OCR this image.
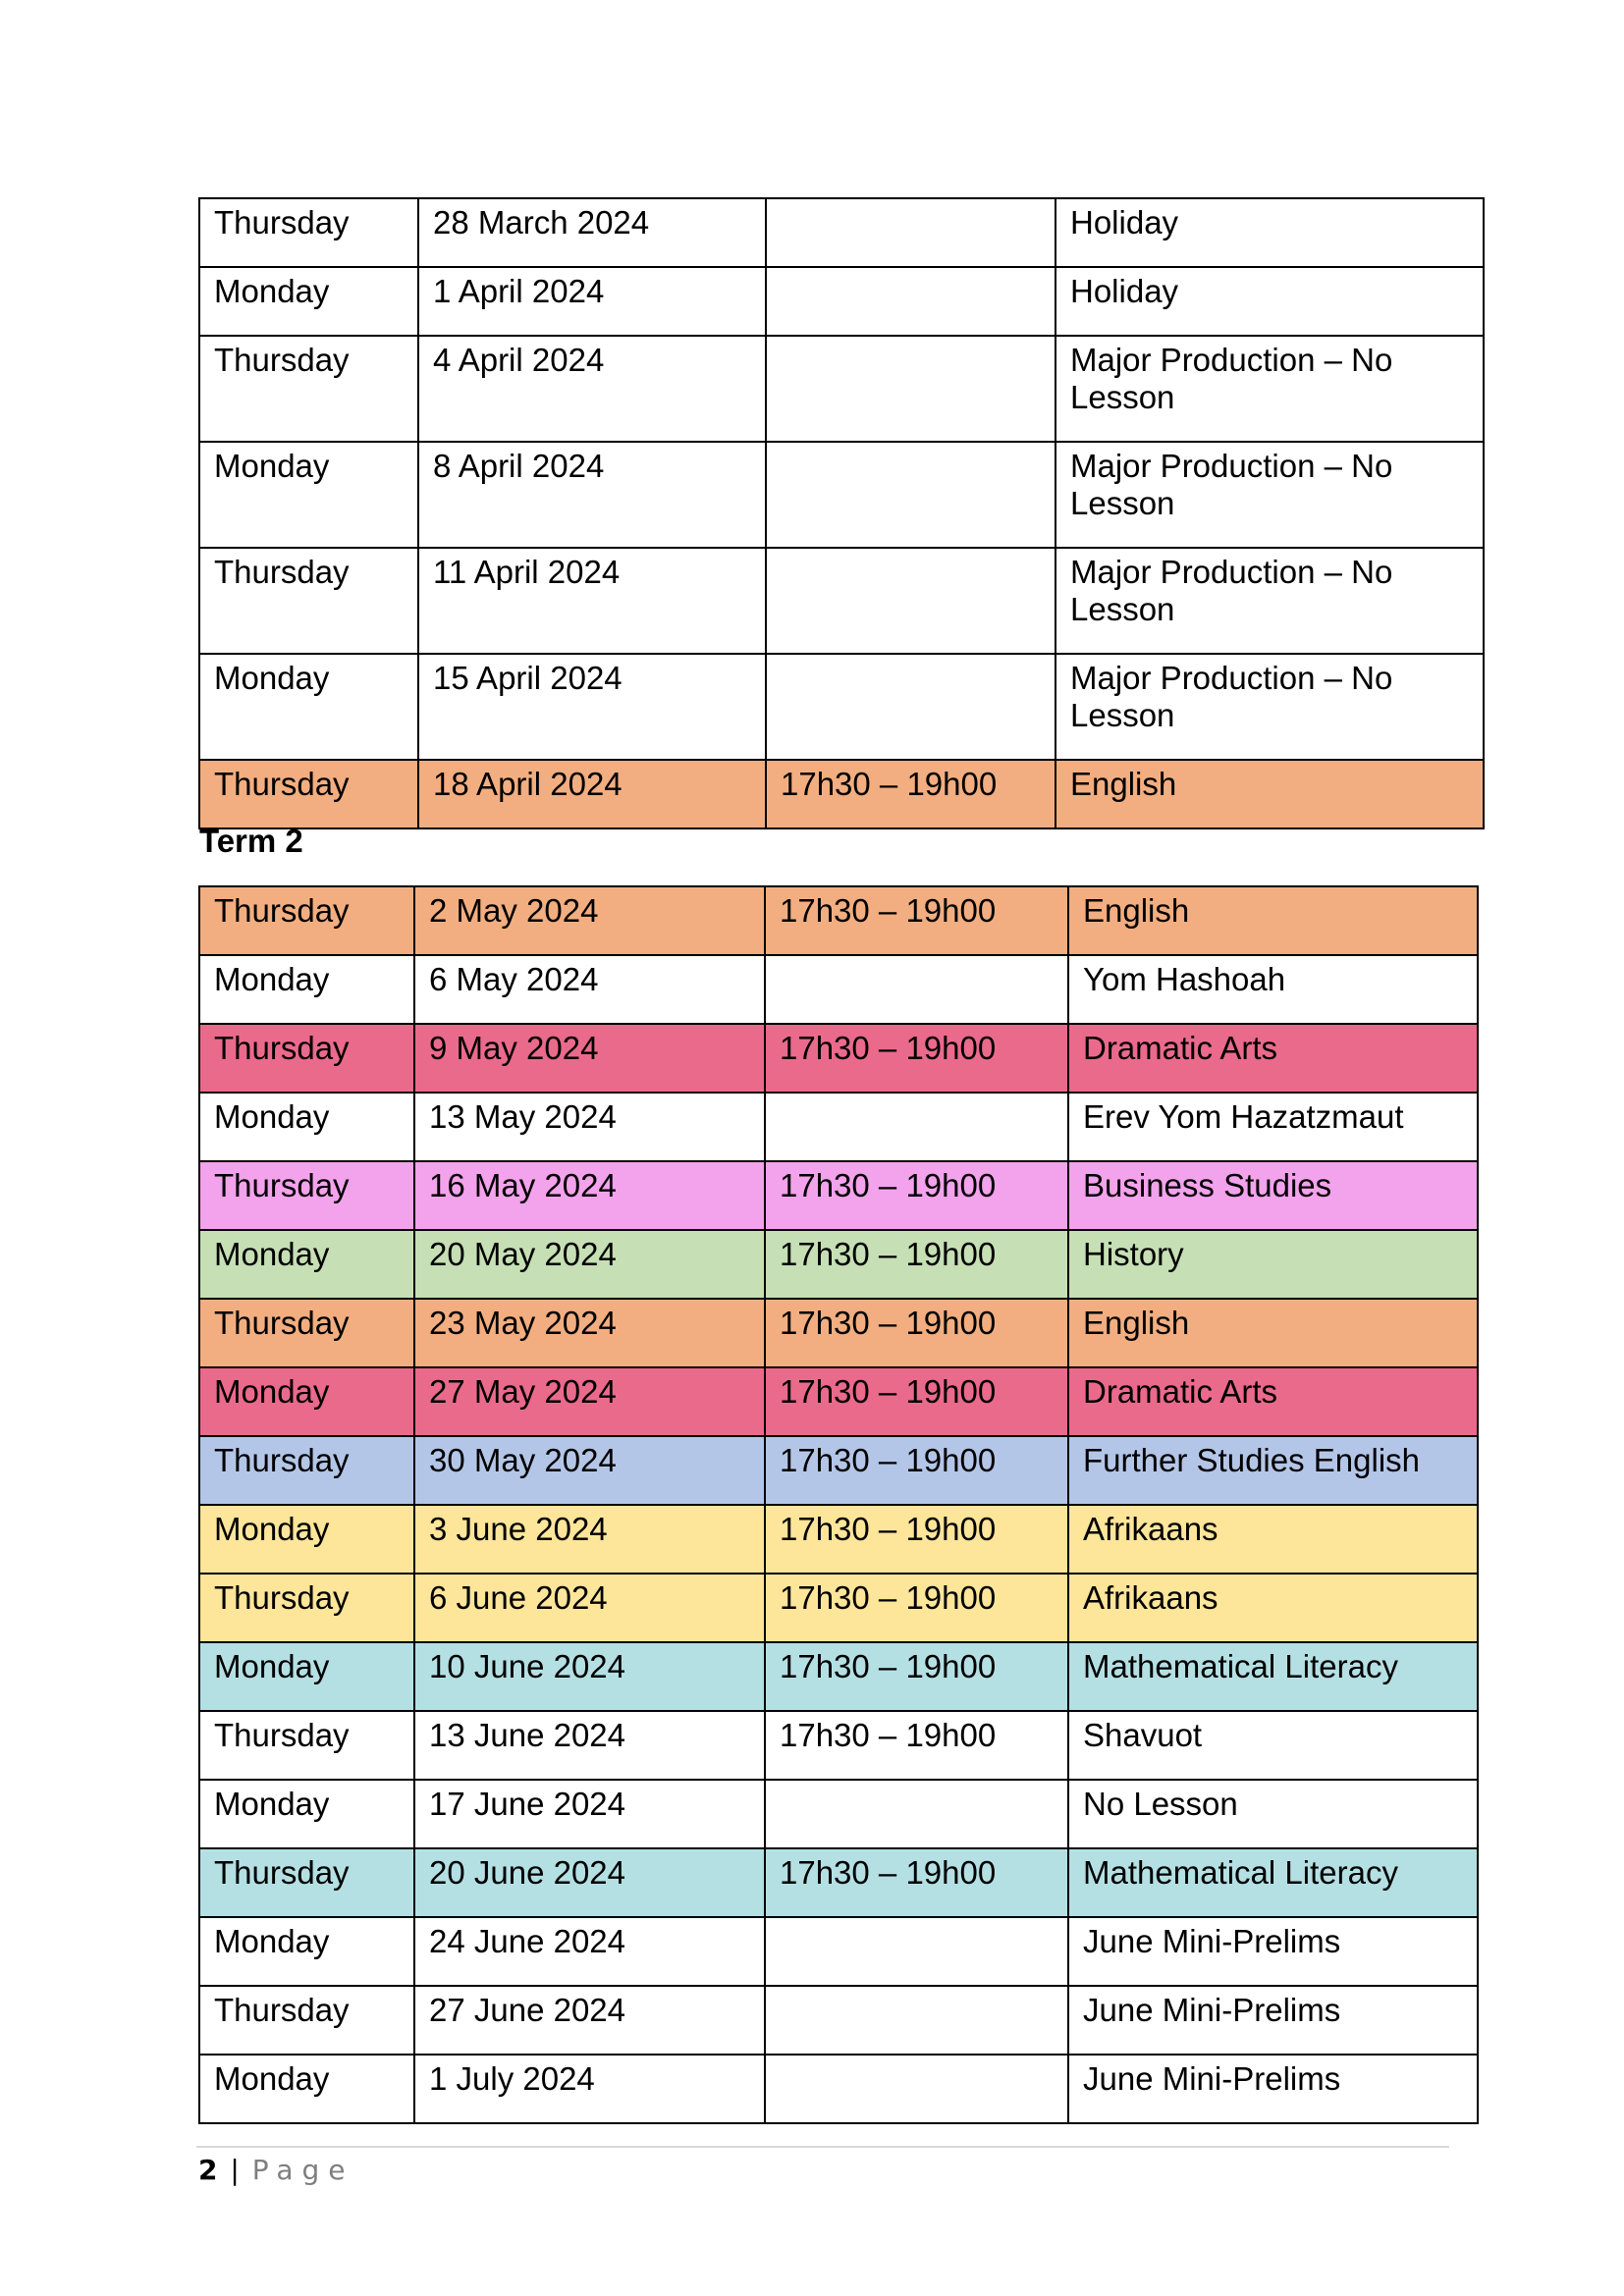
Thursday	28 March 2024		Holiday
Monday	1 April 2024		Holiday
Thursday	4 April 2024		Major Production – No Lesson
Monday	8 April 2024		Major Production – No Lesson
Thursday	11 April 2024		Major Production – No Lesson
Monday	15 April 2024		Major Production – No Lesson
Thursday	18 April 2024	17h30 – 19h00	English
Term 2
Thursday	2 May 2024	17h30 – 19h00	English
Monday	6 May 2024		Yom Hashoah
Thursday	9 May 2024	17h30 – 19h00	Dramatic Arts
Monday	13 May 2024		Erev Yom Hazatzmaut
Thursday	16 May 2024	17h30 – 19h00	Business Studies
Monday	20 May 2024	17h30 – 19h00	History
Thursday	23 May 2024	17h30 – 19h00	English
Monday	27 May 2024	17h30 – 19h00	Dramatic Arts
Thursday	30 May 2024	17h30 – 19h00	Further Studies English
Monday	3 June 2024	17h30 – 19h00	Afrikaans
Thursday	6 June 2024	17h30 – 19h00	Afrikaans
Monday	10 June 2024	17h30 – 19h00	Mathematical Literacy
Thursday	13 June 2024	17h30 – 19h00	Shavuot
Monday	17 June 2024		No Lesson
Thursday	20 June 2024	17h30 – 19h00	Mathematical Literacy
Monday	24 June 2024		June Mini-Prelims
Thursday	27 June 2024		June Mini-Prelims
Monday	1 July 2024		June Mini-Prelims
2 | Page
